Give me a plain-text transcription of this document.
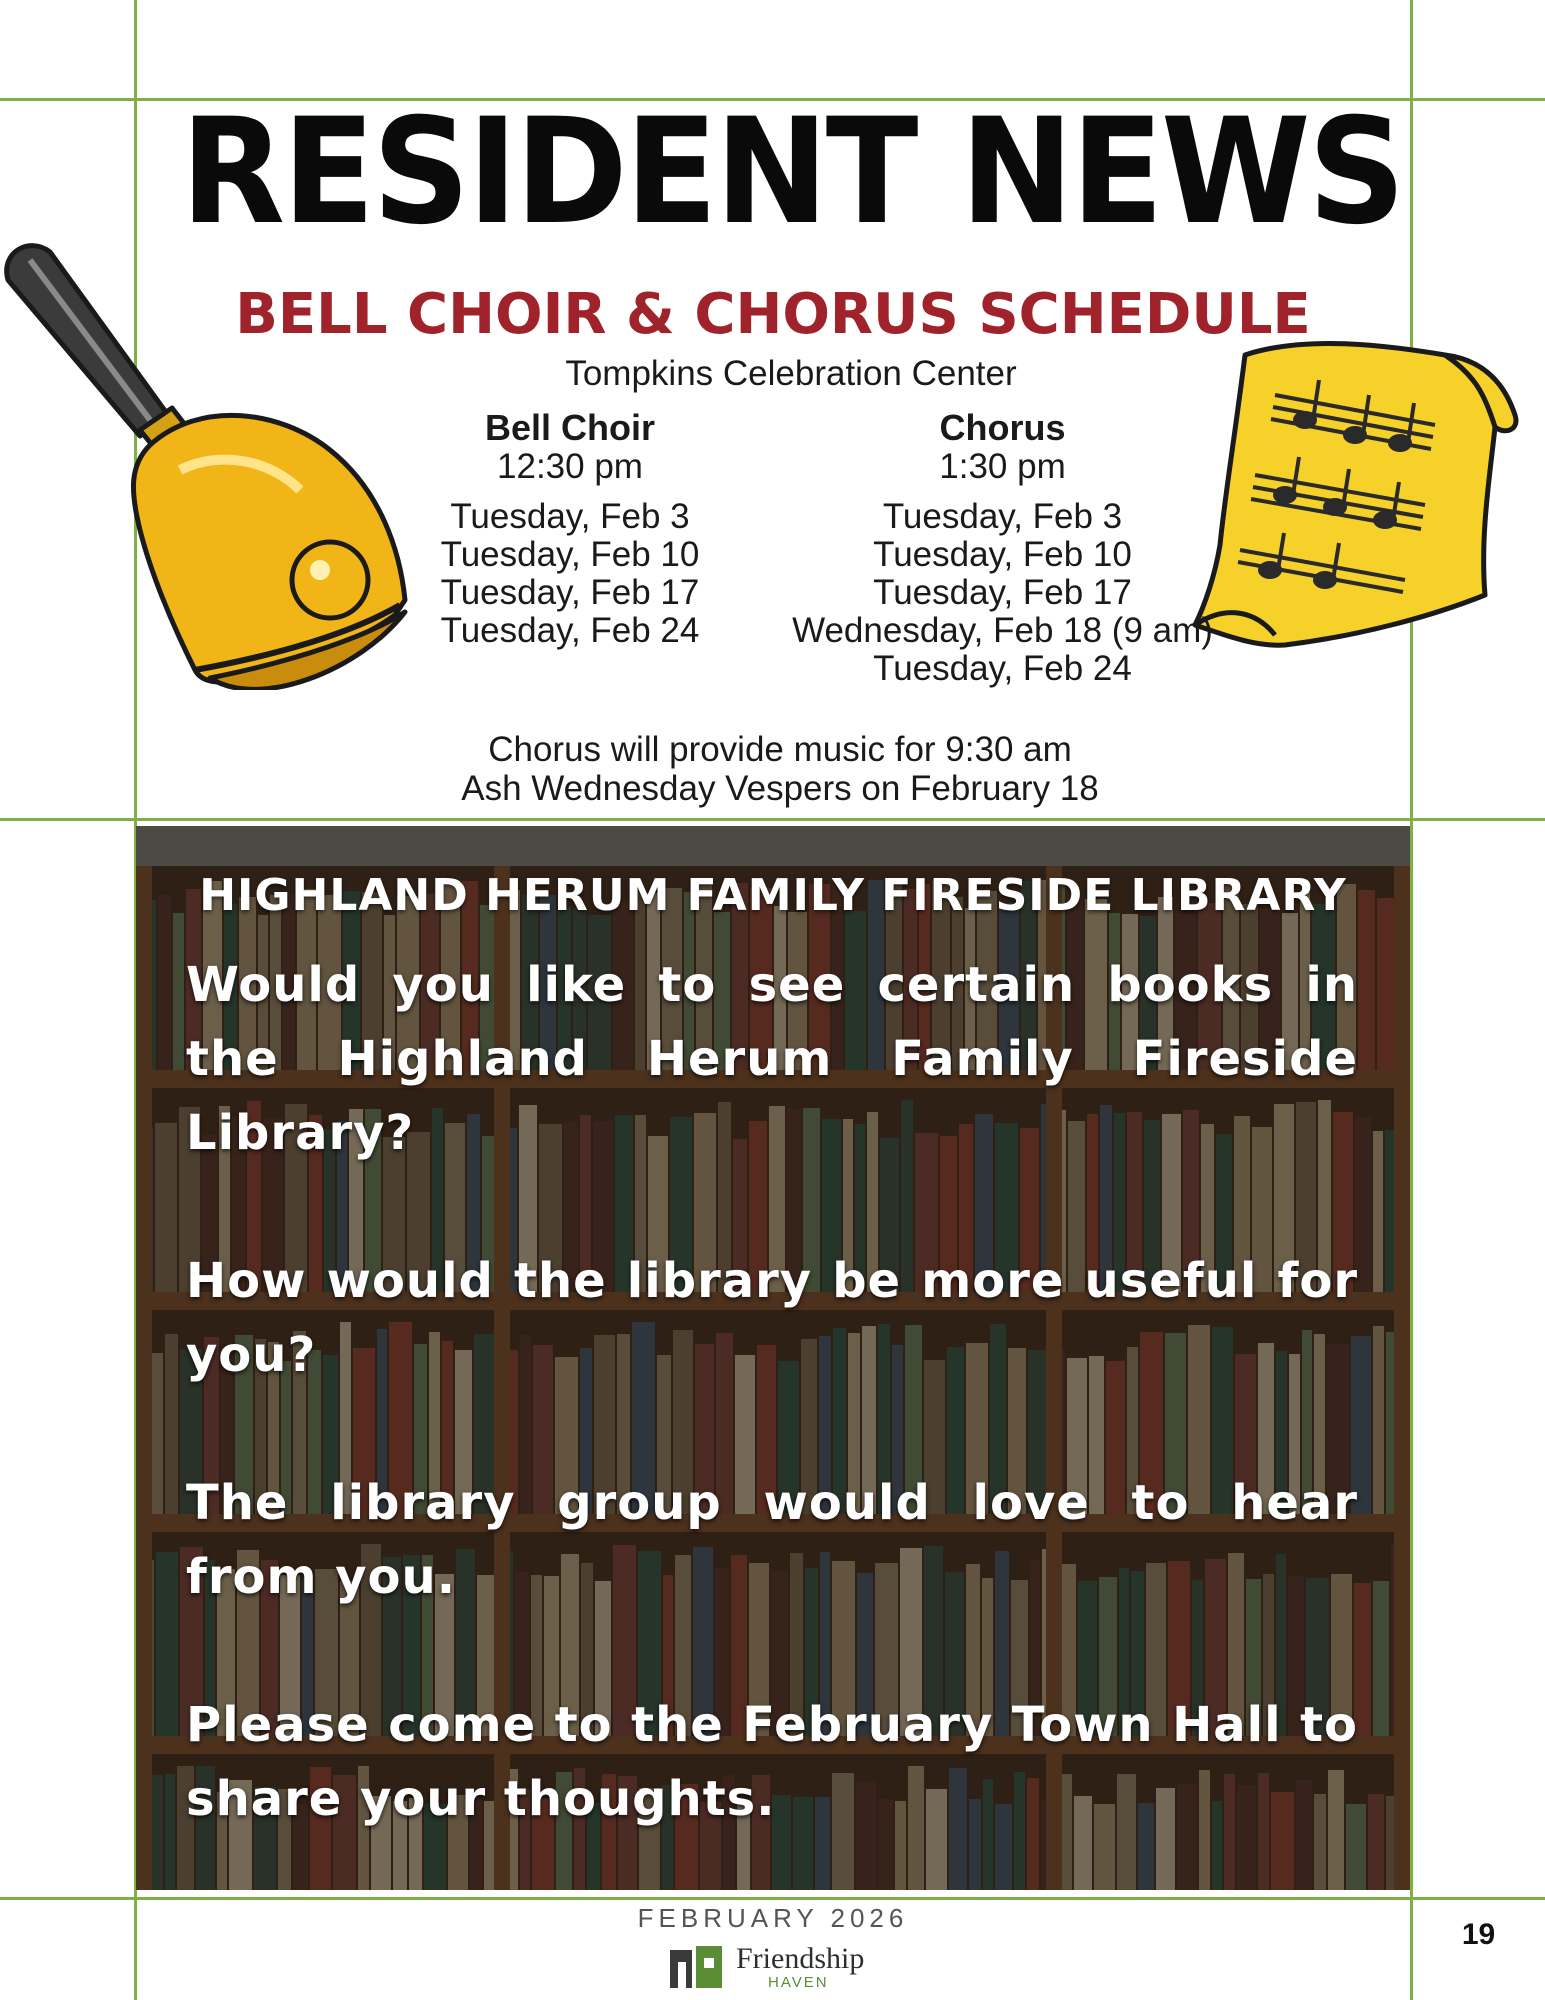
RESIDENT NEWS
BELL CHOIR & CHORUS SCHEDULE
Tompkins Celebration Center
Bell Choir
12:30 pm
Tuesday, Feb 3
Tuesday, Feb 10
Tuesday, Feb 17
Tuesday, Feb 24
Chorus
1:30 pm
Tuesday, Feb 3
Tuesday, Feb 10
Tuesday, Feb 17
Wednesday, Feb 18 (9 am)
Tuesday, Feb 24
Chorus will provide music for 9:30 am
Ash Wednesday Vespers on February 18
HIGHLAND HERUM FAMILY FIRESIDE LIBRARY
Would you like to see certain books in the Highland Herum Family Fireside Library?
How would the library be more useful for you?
The library group would love to hear from you.
Please come to the February Town Hall to share your thoughts.
FEBRUARY 2026
Friendship
HAVEN
19
